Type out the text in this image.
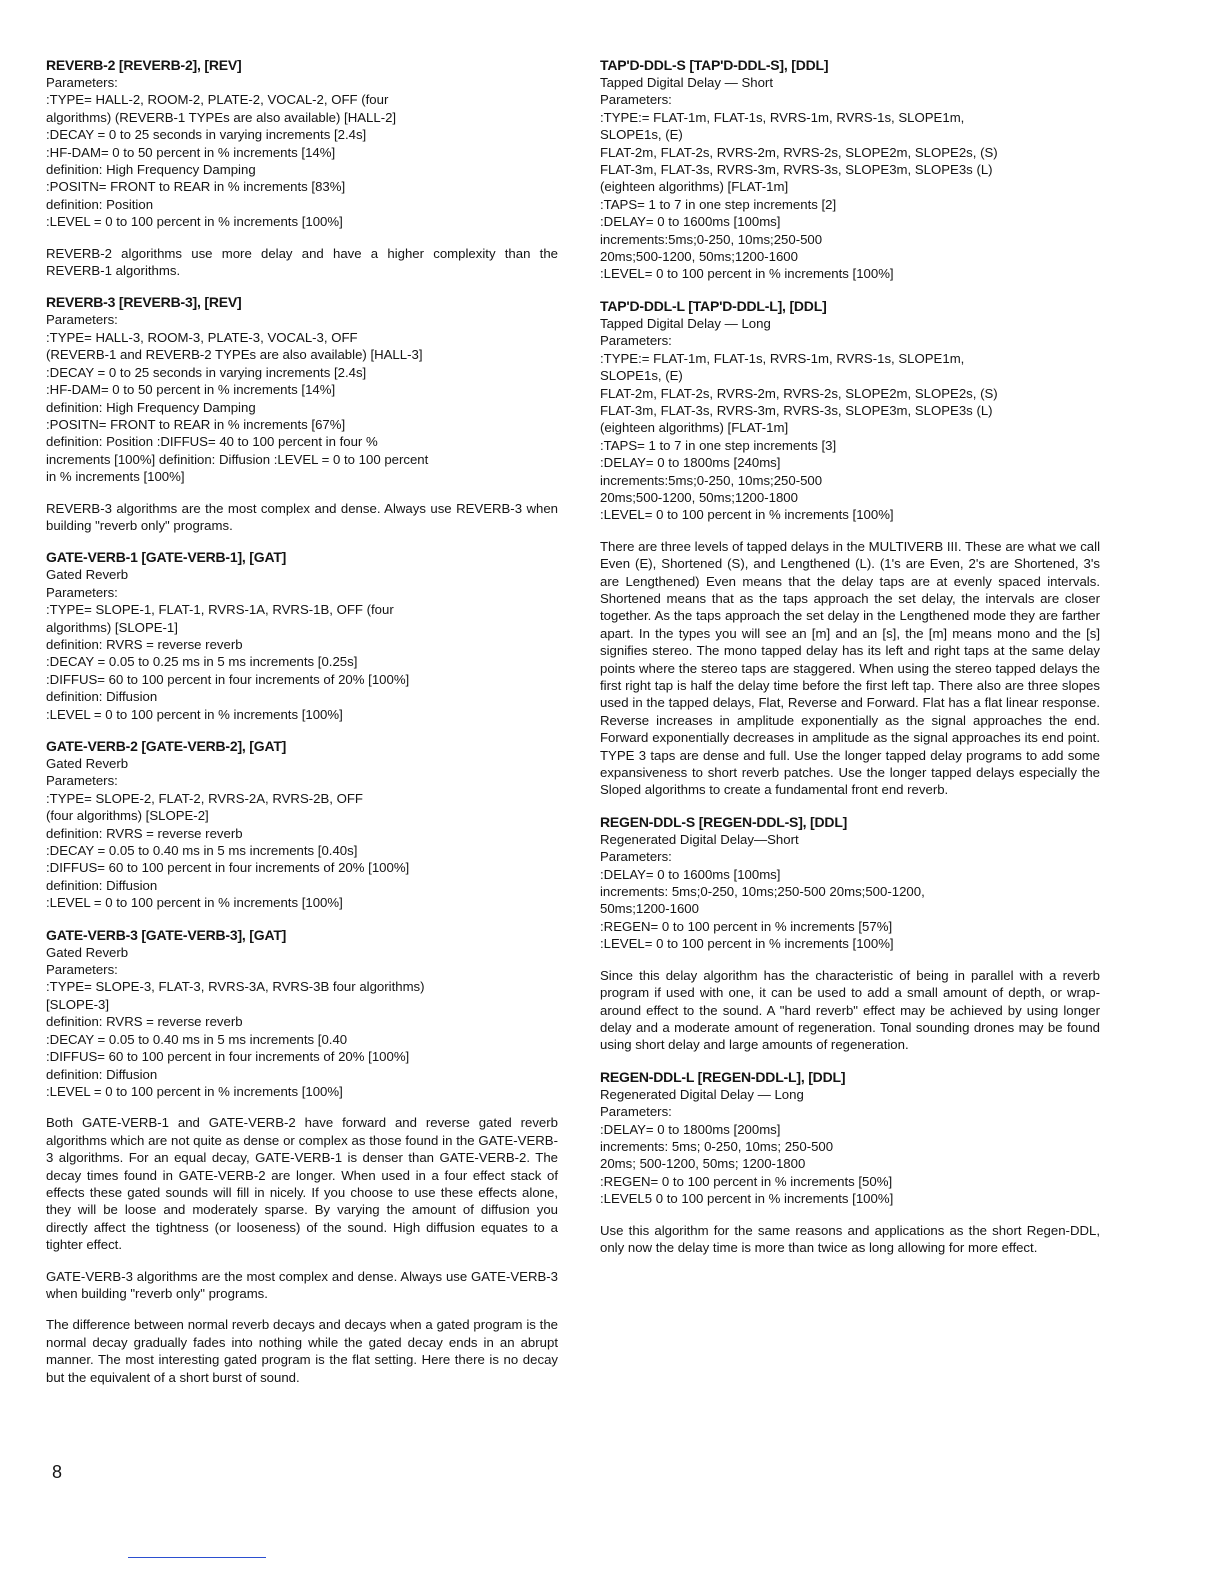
REVERB-2 [REVERB-2], [REV]
Parameters:
:TYPE= HALL-2, ROOM-2, PLATE-2, VOCAL-2, OFF (four
algorithms) (REVERB-1 TYPEs are also available) [HALL-2]
:DECAY = 0 to 25 seconds in varying increments [2.4s]
:HF-DAM= 0 to 50 percent in % increments [14%]
definition: High Frequency Damping
:POSITN= FRONT to REAR in % increments [83%]
definition: Position
:LEVEL = 0 to 100 percent in % increments [100%]
REVERB-2 algorithms use more delay and have a higher complexity than the REVERB-1 algorithms.
REVERB-3 [REVERB-3], [REV]
Parameters:
:TYPE= HALL-3, ROOM-3, PLATE-3, VOCAL-3, OFF
(REVERB-1 and REVERB-2 TYPEs are also available) [HALL-3]
:DECAY = 0 to 25 seconds in varying increments [2.4s]
:HF-DAM= 0 to 50 percent in % increments [14%]
definition: High Frequency Damping
:POSITN= FRONT to REAR in % increments [67%]
definition: Position :DIFFUS= 40 to 100 percent in four %
increments [100%] definition: Diffusion :LEVEL = 0 to 100 percent
in % increments [100%]
REVERB-3 algorithms are the most complex and dense. Always use REVERB-3 when building "reverb only" programs.
GATE-VERB-1 [GATE-VERB-1], [GAT]
Gated Reverb
Parameters:
:TYPE= SLOPE-1, FLAT-1, RVRS-1A, RVRS-1B, OFF (four
algorithms) [SLOPE-1]
definition: RVRS = reverse reverb
:DECAY = 0.05 to 0.25 ms in 5 ms increments [0.25s]
:DIFFUS= 60 to 100 percent in four increments of 20% [100%]
definition: Diffusion
:LEVEL = 0 to 100 percent in % increments [100%]
GATE-VERB-2 [GATE-VERB-2], [GAT]
Gated Reverb
Parameters:
:TYPE= SLOPE-2, FLAT-2, RVRS-2A, RVRS-2B, OFF
(four algorithms) [SLOPE-2]
definition: RVRS = reverse reverb
:DECAY = 0.05 to 0.40 ms in 5 ms increments [0.40s]
:DIFFUS= 60 to 100 percent in four increments of 20% [100%]
definition: Diffusion
:LEVEL = 0 to 100 percent in % increments [100%]
GATE-VERB-3 [GATE-VERB-3], [GAT]
Gated Reverb
Parameters:
:TYPE= SLOPE-3, FLAT-3, RVRS-3A, RVRS-3B four algorithms)
[SLOPE-3]
definition: RVRS = reverse reverb
:DECAY = 0.05 to 0.40 ms in 5 ms increments [0.40
:DIFFUS= 60 to 100 percent in four increments of 20% [100%]
definition: Diffusion
:LEVEL = 0 to 100 percent in % increments [100%]
Both GATE-VERB-1 and GATE-VERB-2 have forward and reverse gated reverb algorithms which are not quite as dense or complex as those found in the GATE-VERB-3 algorithms. For an equal decay, GATE-VERB-1 is denser than GATE-VERB-2. The decay times found in GATE-VERB-2 are longer. When used in a four effect stack of effects these gated sounds will fill in nicely. If you choose to use these effects alone, they will be loose and moderately sparse. By varying the amount of diffusion you directly affect the tightness (or looseness) of the sound. High diffusion equates to a tighter effect.
GATE-VERB-3 algorithms are the most complex and dense. Always use GATE-VERB-3 when building "reverb only" programs.
The difference between normal reverb decays and decays when a gated program is the normal decay gradually fades into nothing while the gated decay ends in an abrupt manner. The most interesting gated program is the flat setting. Here there is no decay but the equivalent of a short burst of sound.
TAP'D-DDL-S [TAP'D-DDL-S], [DDL]
Tapped Digital Delay — Short
Parameters:
:TYPE:= FLAT-1m, FLAT-1s, RVRS-1m, RVRS-1s, SLOPE1m,
SLOPE1s, (E)
FLAT-2m, FLAT-2s, RVRS-2m, RVRS-2s, SLOPE2m, SLOPE2s, (S)
FLAT-3m, FLAT-3s, RVRS-3m, RVRS-3s, SLOPE3m, SLOPE3s (L)
(eighteen algorithms) [FLAT-1m]
:TAPS= 1 to 7 in one step increments [2]
:DELAY= 0 to 1600ms [100ms]
increments:5ms;0-250, 10ms;250-500
20ms;500-1200, 50ms;1200-1600
:LEVEL= 0 to 100 percent in % increments [100%]
TAP'D-DDL-L [TAP'D-DDL-L], [DDL]
Tapped Digital Delay — Long
Parameters:
:TYPE:= FLAT-1m, FLAT-1s, RVRS-1m, RVRS-1s, SLOPE1m,
SLOPE1s, (E)
FLAT-2m, FLAT-2s, RVRS-2m, RVRS-2s, SLOPE2m, SLOPE2s, (S)
FLAT-3m, FLAT-3s, RVRS-3m, RVRS-3s, SLOPE3m, SLOPE3s (L)
(eighteen algorithms) [FLAT-1m]
:TAPS= 1 to 7 in one step increments [3]
:DELAY= 0 to 1800ms [240ms]
increments:5ms;0-250, 10ms;250-500
20ms;500-1200, 50ms;1200-1800
:LEVEL= 0 to 100 percent in % increments [100%]
There are three levels of tapped delays in the MULTIVERB III. These are what we call Even (E), Shortened (S), and Lengthened (L). (1's are Even, 2's are Shortened, 3's are Lengthened) Even means that the delay taps are at evenly spaced intervals. Shortened means that as the taps approach the set delay, the intervals are closer together. As the taps approach the set delay in the Lengthened mode they are farther apart. In the types you will see an [m] and an [s], the [m] means mono and the [s] signifies stereo. The mono tapped delay has its left and right taps at the same delay points where the stereo taps are staggered. When using the stereo tapped delays the first right tap is half the delay time before the first left tap. There also are three slopes used in the tapped delays, Flat, Reverse and Forward. Flat has a flat linear response. Reverse increases in amplitude exponentially as the signal approaches the end. Forward exponentially decreases in amplitude as the signal approaches its end point. TYPE 3 taps are dense and full. Use the longer tapped delay programs to add some expansiveness to short reverb patches. Use the longer tapped delays especially the Sloped algorithms to create a fundamental front end reverb.
REGEN-DDL-S [REGEN-DDL-S], [DDL]
Regenerated Digital Delay—Short
Parameters:
:DELAY= 0 to 1600ms [100ms]
increments: 5ms;0-250, 10ms;250-500 20ms;500-1200,
50ms;1200-1600
:REGEN= 0 to 100 percent in % increments [57%]
:LEVEL= 0 to 100 percent in % increments [100%]
Since this delay algorithm has the characteristic of being in parallel with a reverb program if used with one, it can be used to add a small amount of depth, or wrap-around effect to the sound. A "hard reverb" effect may be achieved by using longer delay and a moderate amount of regeneration. Tonal sounding drones may be found using short delay and large amounts of regeneration.
REGEN-DDL-L [REGEN-DDL-L], [DDL]
Regenerated Digital Delay — Long
Parameters:
:DELAY= 0 to 1800ms [200ms]
increments: 5ms; 0-250, 10ms; 250-500
20ms; 500-1200, 50ms; 1200-1800
:REGEN= 0 to 100 percent in % increments [50%]
:LEVEL5 0 to 100 percent in % increments [100%]
Use this algorithm for the same reasons and applications as the short Regen-DDL, only now the delay time is more than twice as long allowing for more effect.
8
